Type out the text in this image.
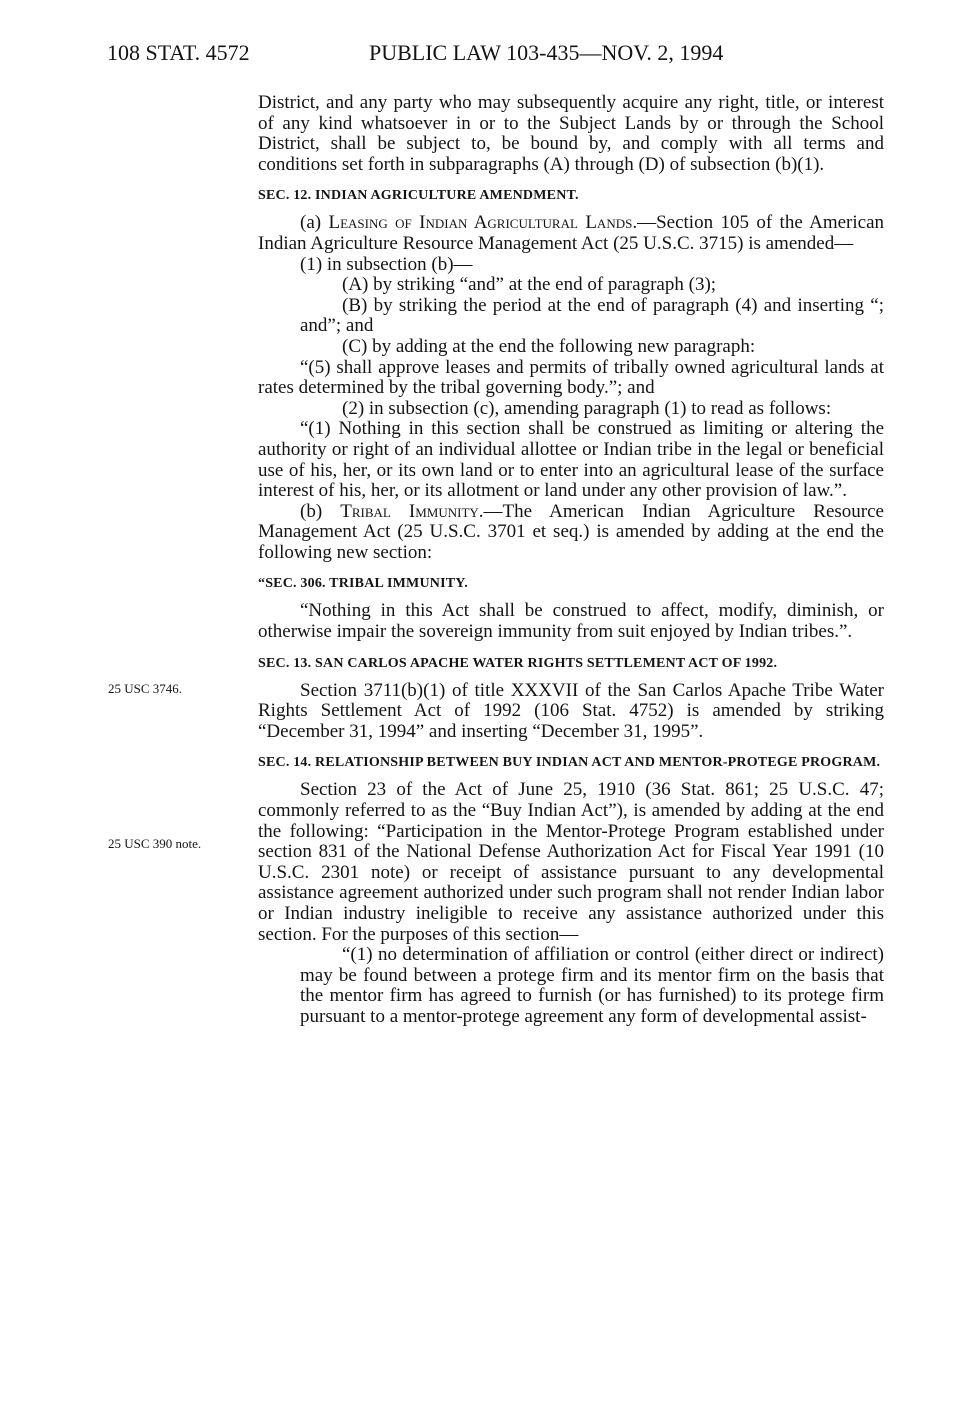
108 STAT. 4572	PUBLIC LAW 103-435—NOV. 2, 1994
25 USC 3746.
25 USC 390 note.

District, and any party who may subsequently acquire any right, title, or interest of any kind whatsoever in or to the Subject Lands by or through the School District, shall be subject to, be bound by, and comply with all terms and conditions set forth in subparagraphs (A) through (D) of subsection (b)(1).

SEC. 12. INDIAN AGRICULTURE AMENDMENT.

(a) Leasing of Indian Agricultural Lands.—Section 105 of the American Indian Agriculture Resource Management Act (25 U.S.C. 3715) is amended—

(1) in subsection (b)—

(A) by striking “and” at the end of paragraph (3);

(B) by striking the period at the end of paragraph (4) and inserting “; and”; and

(C) by adding at the end the following new paragraph:

“(5) shall approve leases and permits of tribally owned agricultural lands at rates determined by the tribal governing body.”; and

(2) in subsection (c), amending paragraph (1) to read as follows:

“(1) Nothing in this section shall be construed as limiting or altering the authority or right of an individual allottee or Indian tribe in the legal or beneficial use of his, her, or its own land or to enter into an agricultural lease of the surface interest of his, her, or its allotment or land under any other provision of law.”.

(b) Tribal Immunity.—The American Indian Agriculture Resource Management Act (25 U.S.C. 3701 et seq.) is amended by adding at the end the following new section:

“SEC. 306. TRIBAL IMMUNITY.

“Nothing in this Act shall be construed to affect, modify, diminish, or otherwise impair the sovereign immunity from suit enjoyed by Indian tribes.”.

SEC. 13. SAN CARLOS APACHE WATER RIGHTS SETTLEMENT ACT OF 1992.

Section 3711(b)(1) of title XXXVII of the San Carlos Apache Tribe Water Rights Settlement Act of 1992 (106 Stat. 4752) is amended by striking “December 31, 1994” and inserting “December 31, 1995”.

SEC. 14. RELATIONSHIP BETWEEN BUY INDIAN ACT AND MENTOR-PROTEGE PROGRAM.

Section 23 of the Act of June 25, 1910 (36 Stat. 861; 25 U.S.C. 47; commonly referred to as the “Buy Indian Act”), is amended by adding at the end the following: “Participation in the Mentor-Protege Program established under section 831 of the National Defense Authorization Act for Fiscal Year 1991 (10 U.S.C. 2301 note) or receipt of assistance pursuant to any developmental assistance agreement authorized under such program shall not render Indian labor or Indian industry ineligible to receive any assistance authorized under this section. For the purposes of this section—

“(1) no determination of affiliation or control (either direct or indirect) may be found between a protege firm and its mentor firm on the basis that the mentor firm has agreed to furnish (or has furnished) to its protege firm pursuant to a mentor-protege agreement any form of developmental assist-
